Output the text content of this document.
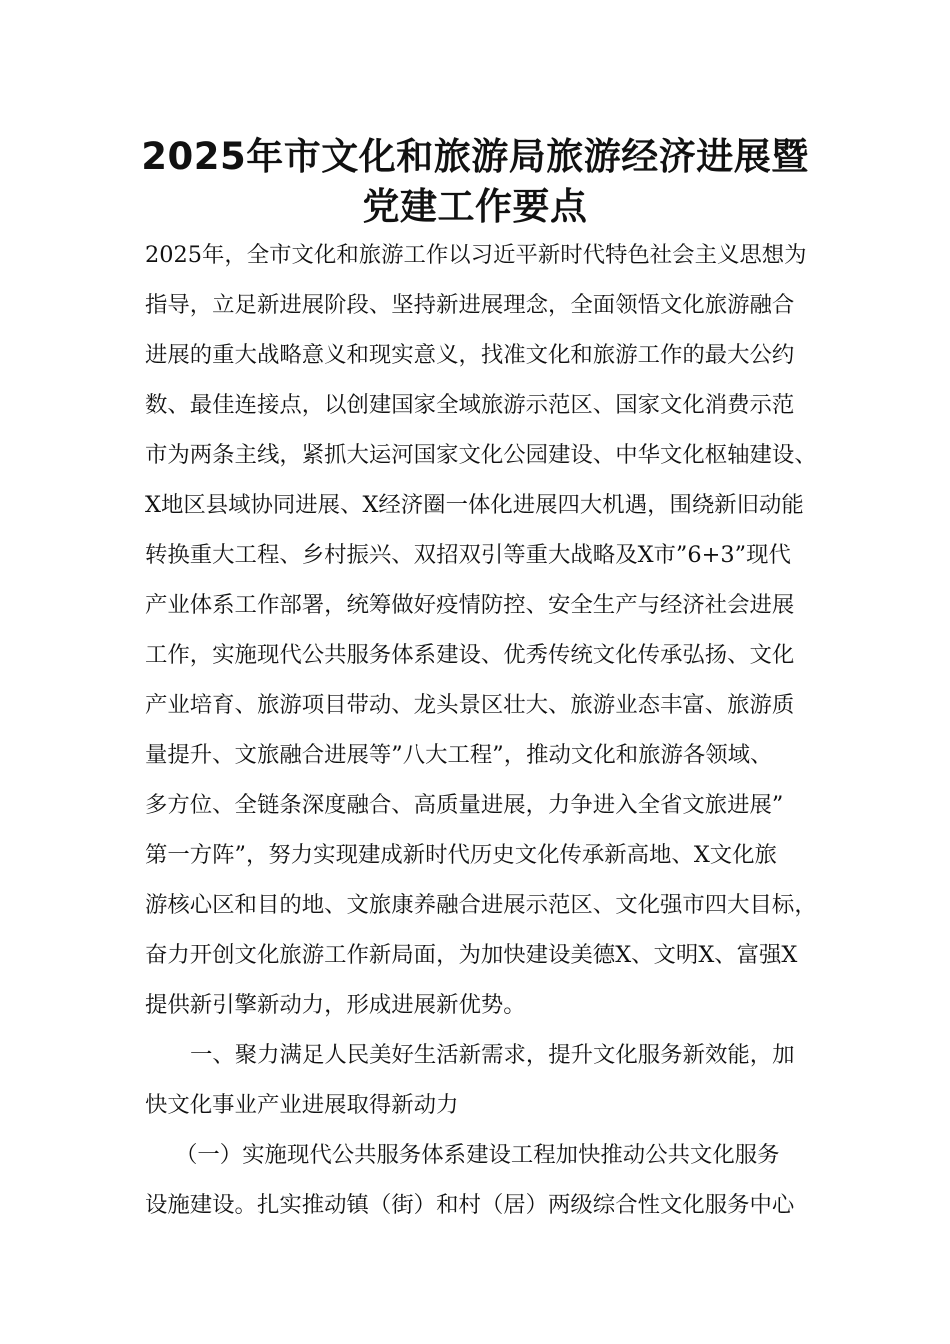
2025年市文化和旅游局旅游经济进展暨
党建工作要点
2025年，全市文化和旅游工作以习近平新时代特色社会主义思想为
指导，立足新进展阶段、坚持新进展理念，全面领悟文化旅游融合
进展的重大战略意义和现实意义，找准文化和旅游工作的最大公约
数、最佳连接点，以创建国家全域旅游示范区、国家文化消费示范
市为两条主线，紧抓大运河国家文化公园建设、中华文化枢轴建设、
X地区县域协同进展、X经济圈一体化进展四大机遇，围绕新旧动能
转换重大工程、乡村振兴、双招双引等重大战略及X市”6+3”现代
产业体系工作部署，统筹做好疫情防控、安全生产与经济社会进展
工作，实施现代公共服务体系建设、优秀传统文化传承弘扬、文化
产业培育、旅游项目带动、龙头景区壮大、旅游业态丰富、旅游质
量提升、文旅融合进展等”八大工程”，推动文化和旅游各领域、
多方位、全链条深度融合、高质量进展，力争进入全省文旅进展”
第一方阵”，努力实现建成新时代历史文化传承新高地、X文化旅
游核心区和目的地、文旅康养融合进展示范区、文化强市四大目标，
奋力开创文化旅游工作新局面，为加快建设美德X、文明X、富强X
提供新引擎新动力，形成进展新优势。
一、聚力满足人民美好生活新需求，提升文化服务新效能，加
快文化事业产业进展取得新动力
（一）实施现代公共服务体系建设工程加快推动公共文化服务
设施建设。扎实推动镇（街）和村（居）两级综合性文化服务中心
